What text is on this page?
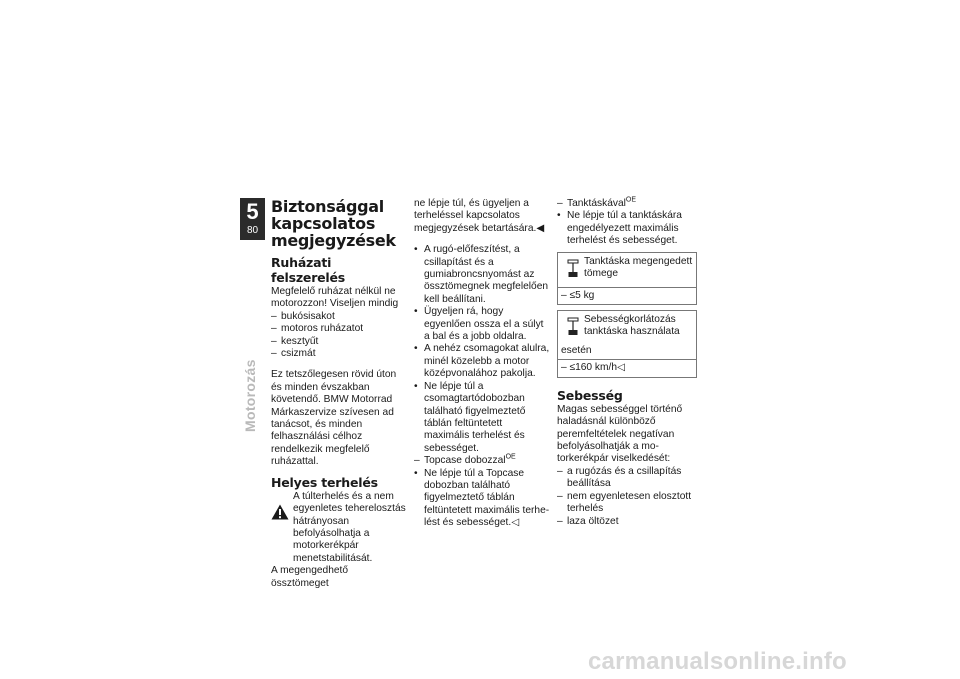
5
80
Motorozás
Biztonsággal kapcsolatos megjegyzések
Ruházati felszerelés

Megfelelő ruházat nélkül ne motorozzon! Viseljen mindig

– bukósisakot
– motoros ruházatot
– kesztyűt
– csizmát

Ez tetszőlegesen rövid úton és minden évszakban követendő. BMW Motorrad Márkaszervize szívesen ad tanácsot, és minden felhasználási célhoz rendelkezik megfelelő ruházattal.

Helyes terhelés

A túlterhelés és a nem egyenletes teherelosztás hátrányosan befolyásolhatja a motorkerékpár menetstabilitását.

A megengedhető össztömeget

ne lépje túl, és ügyeljen a terheléssel kapcsolatos megjegyzések betartására.◀

• A rugó-előfeszítést, a csillapítást és a gumiabroncsnyomást az össztömegnek megfelelően kell beállítani.
• Ügyeljen rá, hogy egyenlően ossza el a súlyt a bal és a jobb oldalra.
• A nehéz csomagokat alulra, minél közelebb a motor középvonalához pakolja.
• Ne lépje túl a csomagtartódobozban található figyelmeztető táblán feltüntetett maximális terhelést és sebességet.
– Topcase dobozzal$^{OE}$
• Ne lépje túl a Topcase dobozban található figyelmeztető táblán feltüntetett maximális terhelést és sebességet.◁
– Tanktáskával$^{OE}$
• Ne lépje túl a tanktáskára engedélyezett maximális terhelést és sebességet.
Tanktáska megengedett tömege
– ≤5 kg
Sebességkorlátozás tanktáska használata
esetén
– ≤160 km/h◁
Sebesség

Magas sebességgel történő haladásnál különböző peremfeltételek negatívan befolyásolhatják a motorkerékpár viselkedését:

– a rugózás és a csillapítás beállítása
– nem egyenletesen elosztott terhelés
– laza öltözet
carmanualsonline.info
